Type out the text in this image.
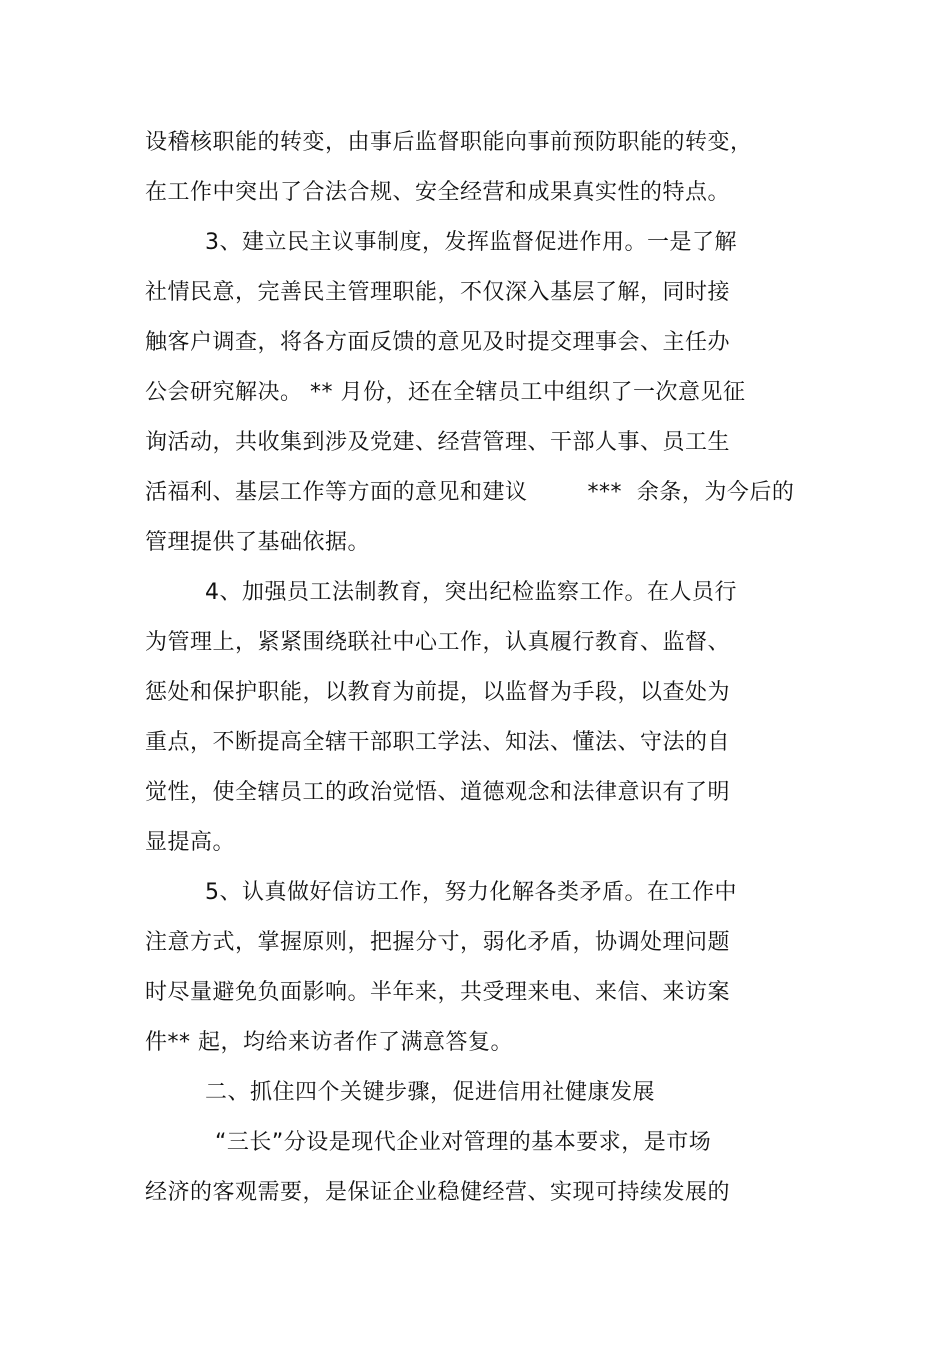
设稽核职能的转变，由事后监督职能向事前预防职能的转变，

在工作中突出了合法合规、安全经营和成果真实性的特点。

3、建立民主议事制度，发挥监督促进作用。一是了解

社情民意，完善民主管理职能，不仅深入基层了解，同时接

触客户调查，将各方面反馈的意见及时提交理事会、主任办

公会研究解决。 ** 月份，还在全辖员工中组织了一次意见征

询活动，共收集到涉及党建、经营管理、干部人事、员工生

活福利、基层工作等方面的意见和建议        ***  余条，为今后的

管理提供了基础依据。

4、加强员工法制教育，突出纪检监察工作。在人员行

为管理上，紧紧围绕联社中心工作，认真履行教育、监督、

惩处和保护职能，以教育为前提，以监督为手段，以查处为

重点，不断提高全辖干部职工学法、知法、懂法、守法的自

觉性，使全辖员工的政治觉悟、道德观念和法律意识有了明

显提高。

5、认真做好信访工作，努力化解各类矛盾。在工作中

注意方式，掌握原则，把握分寸，弱化矛盾，协调处理问题

时尽量避免负面影响。半年来，共受理来电、来信、来访案

件** 起，均给来访者作了满意答复。

二、抓住四个关键步骤，促进信用社健康发展

“三长”分设是现代企业对管理的基本要求，是市场

经济的客观需要，是保证企业稳健经营、实现可持续发展的
